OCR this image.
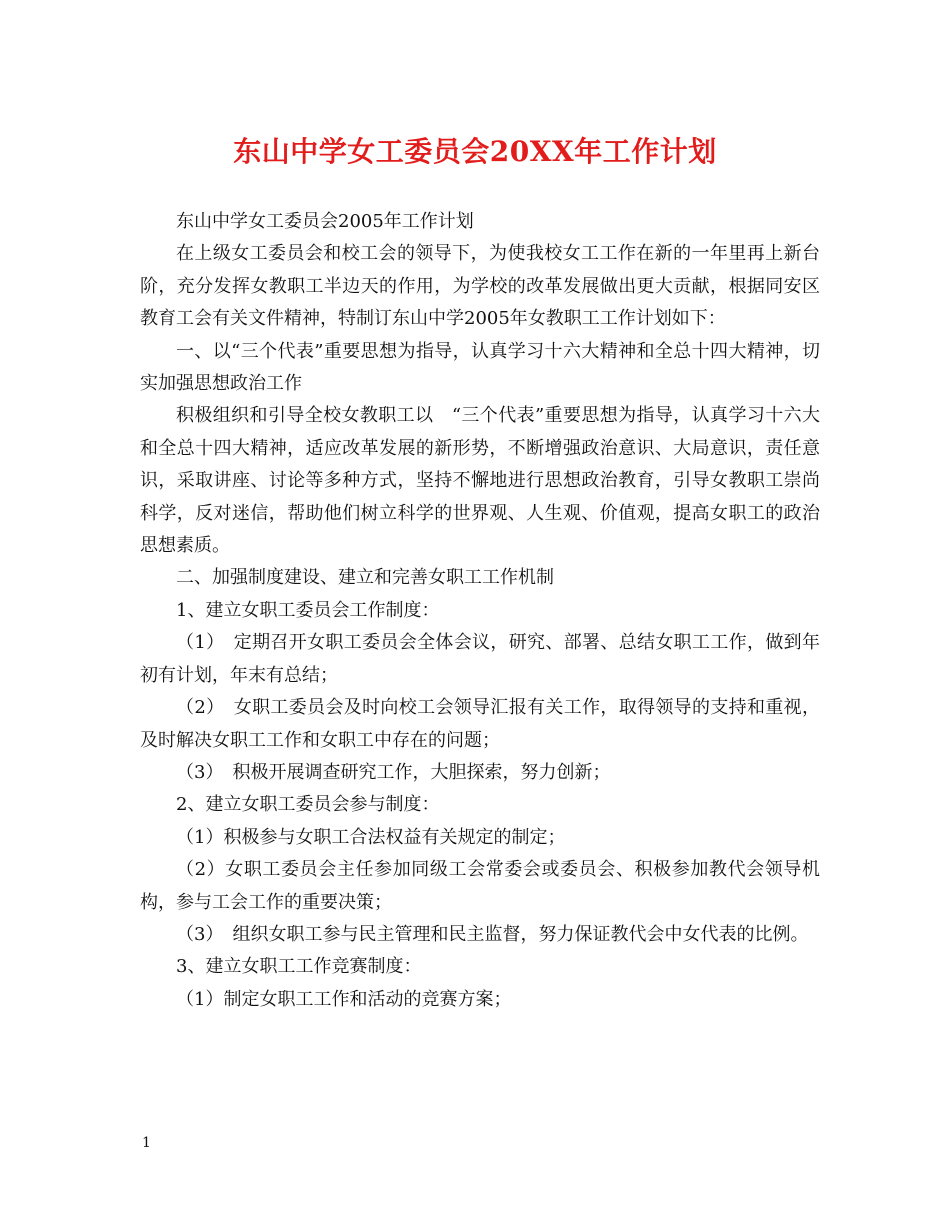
东山中学女工委员会20XX年工作计划

东山中学女工委员会2005年工作计划

在上级女工委员会和校工会的领导下，为使我校女工工作在新的一年里再上新台阶，充分发挥女教职工半边天的作用，为学校的改革发展做出更大贡献，根据同安区教育工会有关文件精神，特制订东山中学2005年女教职工工作计划如下：

一、以“三个代表”重要思想为指导，认真学习十六大精神和全总十四大精神，切实加强思想政治工作

积极组织和引导全校女教职工以　“三个代表”重要思想为指导，认真学习十六大和全总十四大精神，适应改革发展的新形势，不断增强政治意识、大局意识，责任意识，采取讲座、讨论等多种方式，坚持不懈地进行思想政治教育，引导女教职工崇尚科学，反对迷信，帮助他们树立科学的世界观、人生观、价值观，提高女职工的政治思想素质。

二、加强制度建设、建立和完善女职工工作机制

1、建立女职工委员会工作制度：

（1）　定期召开女职工委员会全体会议，研究、部署、总结女职工工作，做到年初有计划，年末有总结；

（2）　女职工委员会及时向校工会领导汇报有关工作，取得领导的支持和重视，及时解决女职工工作和女职工中存在的问题；

（3）　积极开展调查研究工作，大胆探索，努力创新；

2、建立女职工委员会参与制度：

（1）积极参与女职工合法权益有关规定的制定；

（2）女职工委员会主任参加同级工会常委会或委员会、积极参加教代会领导机构，参与工会工作的重要决策；

（3）　组织女职工参与民主管理和民主监督，努力保证教代会中女代表的比例。

3、建立女职工工作竞赛制度：

（1）制定女职工工作和活动的竞赛方案；

1
